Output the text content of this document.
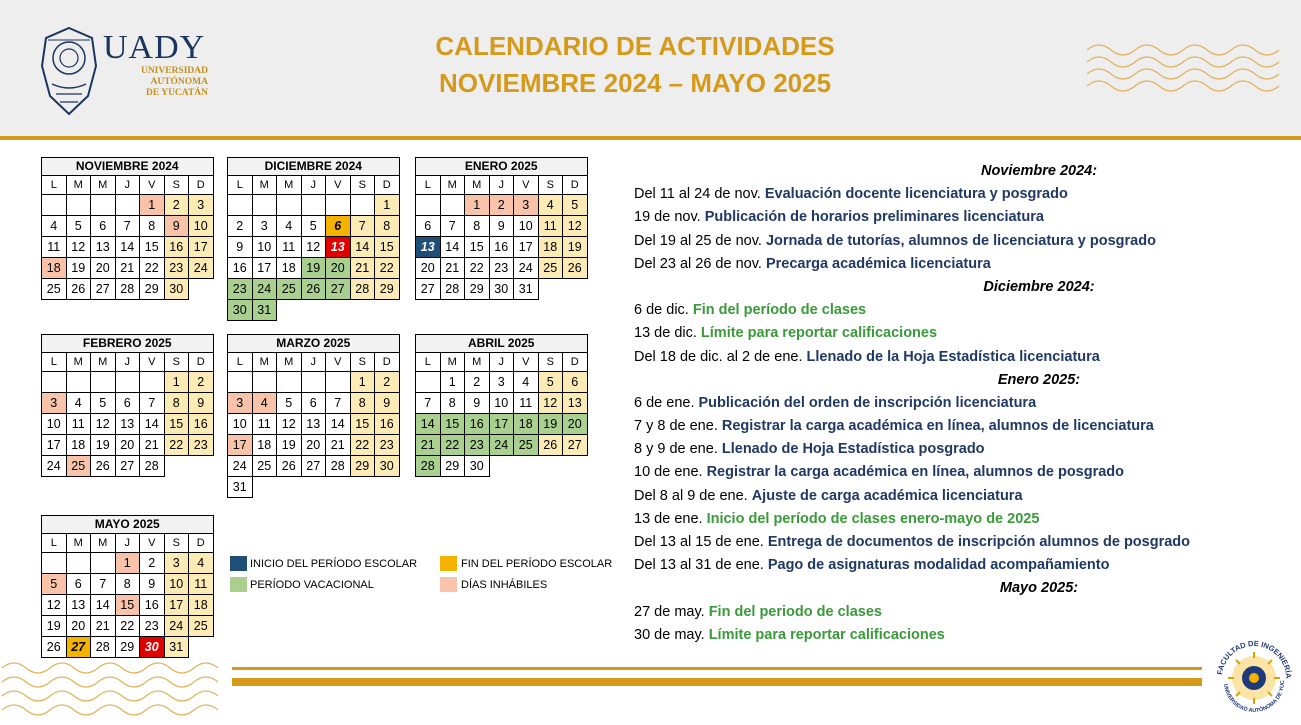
UADY
UNIVERSIDAD
AUTÓNOMA
DE YUCATÁN
CALENDARIO DE ACTIVIDADES
NOVIEMBRE 2024 – MAYO 2025
NOVIEMBRE 2024						
L	M	M	J	V	S	D
				1	2	3
4	5	6	7	8	9	10
11	12	13	14	15	16	17
18	19	20	21	22	23	24
25	26	27	28	29	30	
DICIEMBRE 2024						
L	M	M	J	V	S	D
						1
2	3	4	5	6	7	8
9	10	11	12	13	14	15
16	17	18	19	20	21	22
23	24	25	26	27	28	29
30	31					
ENERO 2025						
L	M	M	J	V	S	D
		1	2	3	4	5
6	7	8	9	10	11	12
13	14	15	16	17	18	19
20	21	22	23	24	25	26
27	28	29	30	31		
FEBRERO 2025						
L	M	M	J	V	S	D
					1	2
3	4	5	6	7	8	9
10	11	12	13	14	15	16
17	18	19	20	21	22	23
24	25	26	27	28		
MARZO 2025						
L	M	M	J	V	S	D
					1	2
3	4	5	6	7	8	9
10	11	12	13	14	15	16
17	18	19	20	21	22	23
24	25	26	27	28	29	30
31						
ABRIL 2025						
L	M	M	J	V	S	D
	1	2	3	4	5	6
7	8	9	10	11	12	13
14	15	16	17	18	19	20
21	22	23	24	25	26	27
28	29	30				
MAYO 2025						
L	M	M	J	V	S	D
			1	2	3	4
5	6	7	8	9	10	11
12	13	14	15	16	17	18
19	20	21	22	23	24	25
26	27	28	29	30	31	
INICIO DEL PERÍODO ESCOLAR
PERÍODO VACACIONAL
FIN DEL PERÍODO ESCOLAR
DÍAS INHÁBILES
Noviembre 2024:
Del 11 al 24 de nov. Evaluación docente licenciatura y posgrado
19 de nov. Publicación de horarios preliminares licenciatura
Del 19 al 25 de nov. Jornada de tutorías, alumnos de licenciatura y posgrado
Del 23 al 26 de nov. Precarga académica licenciatura
Diciembre 2024:
6 de dic. Fin del período de clases
13 de dic. Límite para reportar calificaciones
Del 18 de dic. al 2 de ene. Llenado de la Hoja Estadística licenciatura
Enero 2025:
6 de ene. Publicación del orden de inscripción licenciatura
7 y 8 de ene. Registrar la carga académica en línea, alumnos de licenciatura
8 y 9 de ene. Llenado de Hoja Estadística posgrado
10 de ene. Registrar la carga académica en línea, alumnos de posgrado
Del 8 al 9 de ene. Ajuste de carga académica licenciatura
13 de ene. Inicio del período de clases enero-mayo de 2025
Del 13 al 15 de ene. Entrega de documentos de inscripción alumnos de posgrado
Del 13 al 31 de ene. Pago de asignaturas modalidad acompañamiento
Mayo 2025:
27 de may. Fin del periodo de clases
30 de may. Límite para reportar calificaciones
FACULTAD DE INGENIERÍA
UNIVERSIDAD AUTÓNOMA DE YUC
